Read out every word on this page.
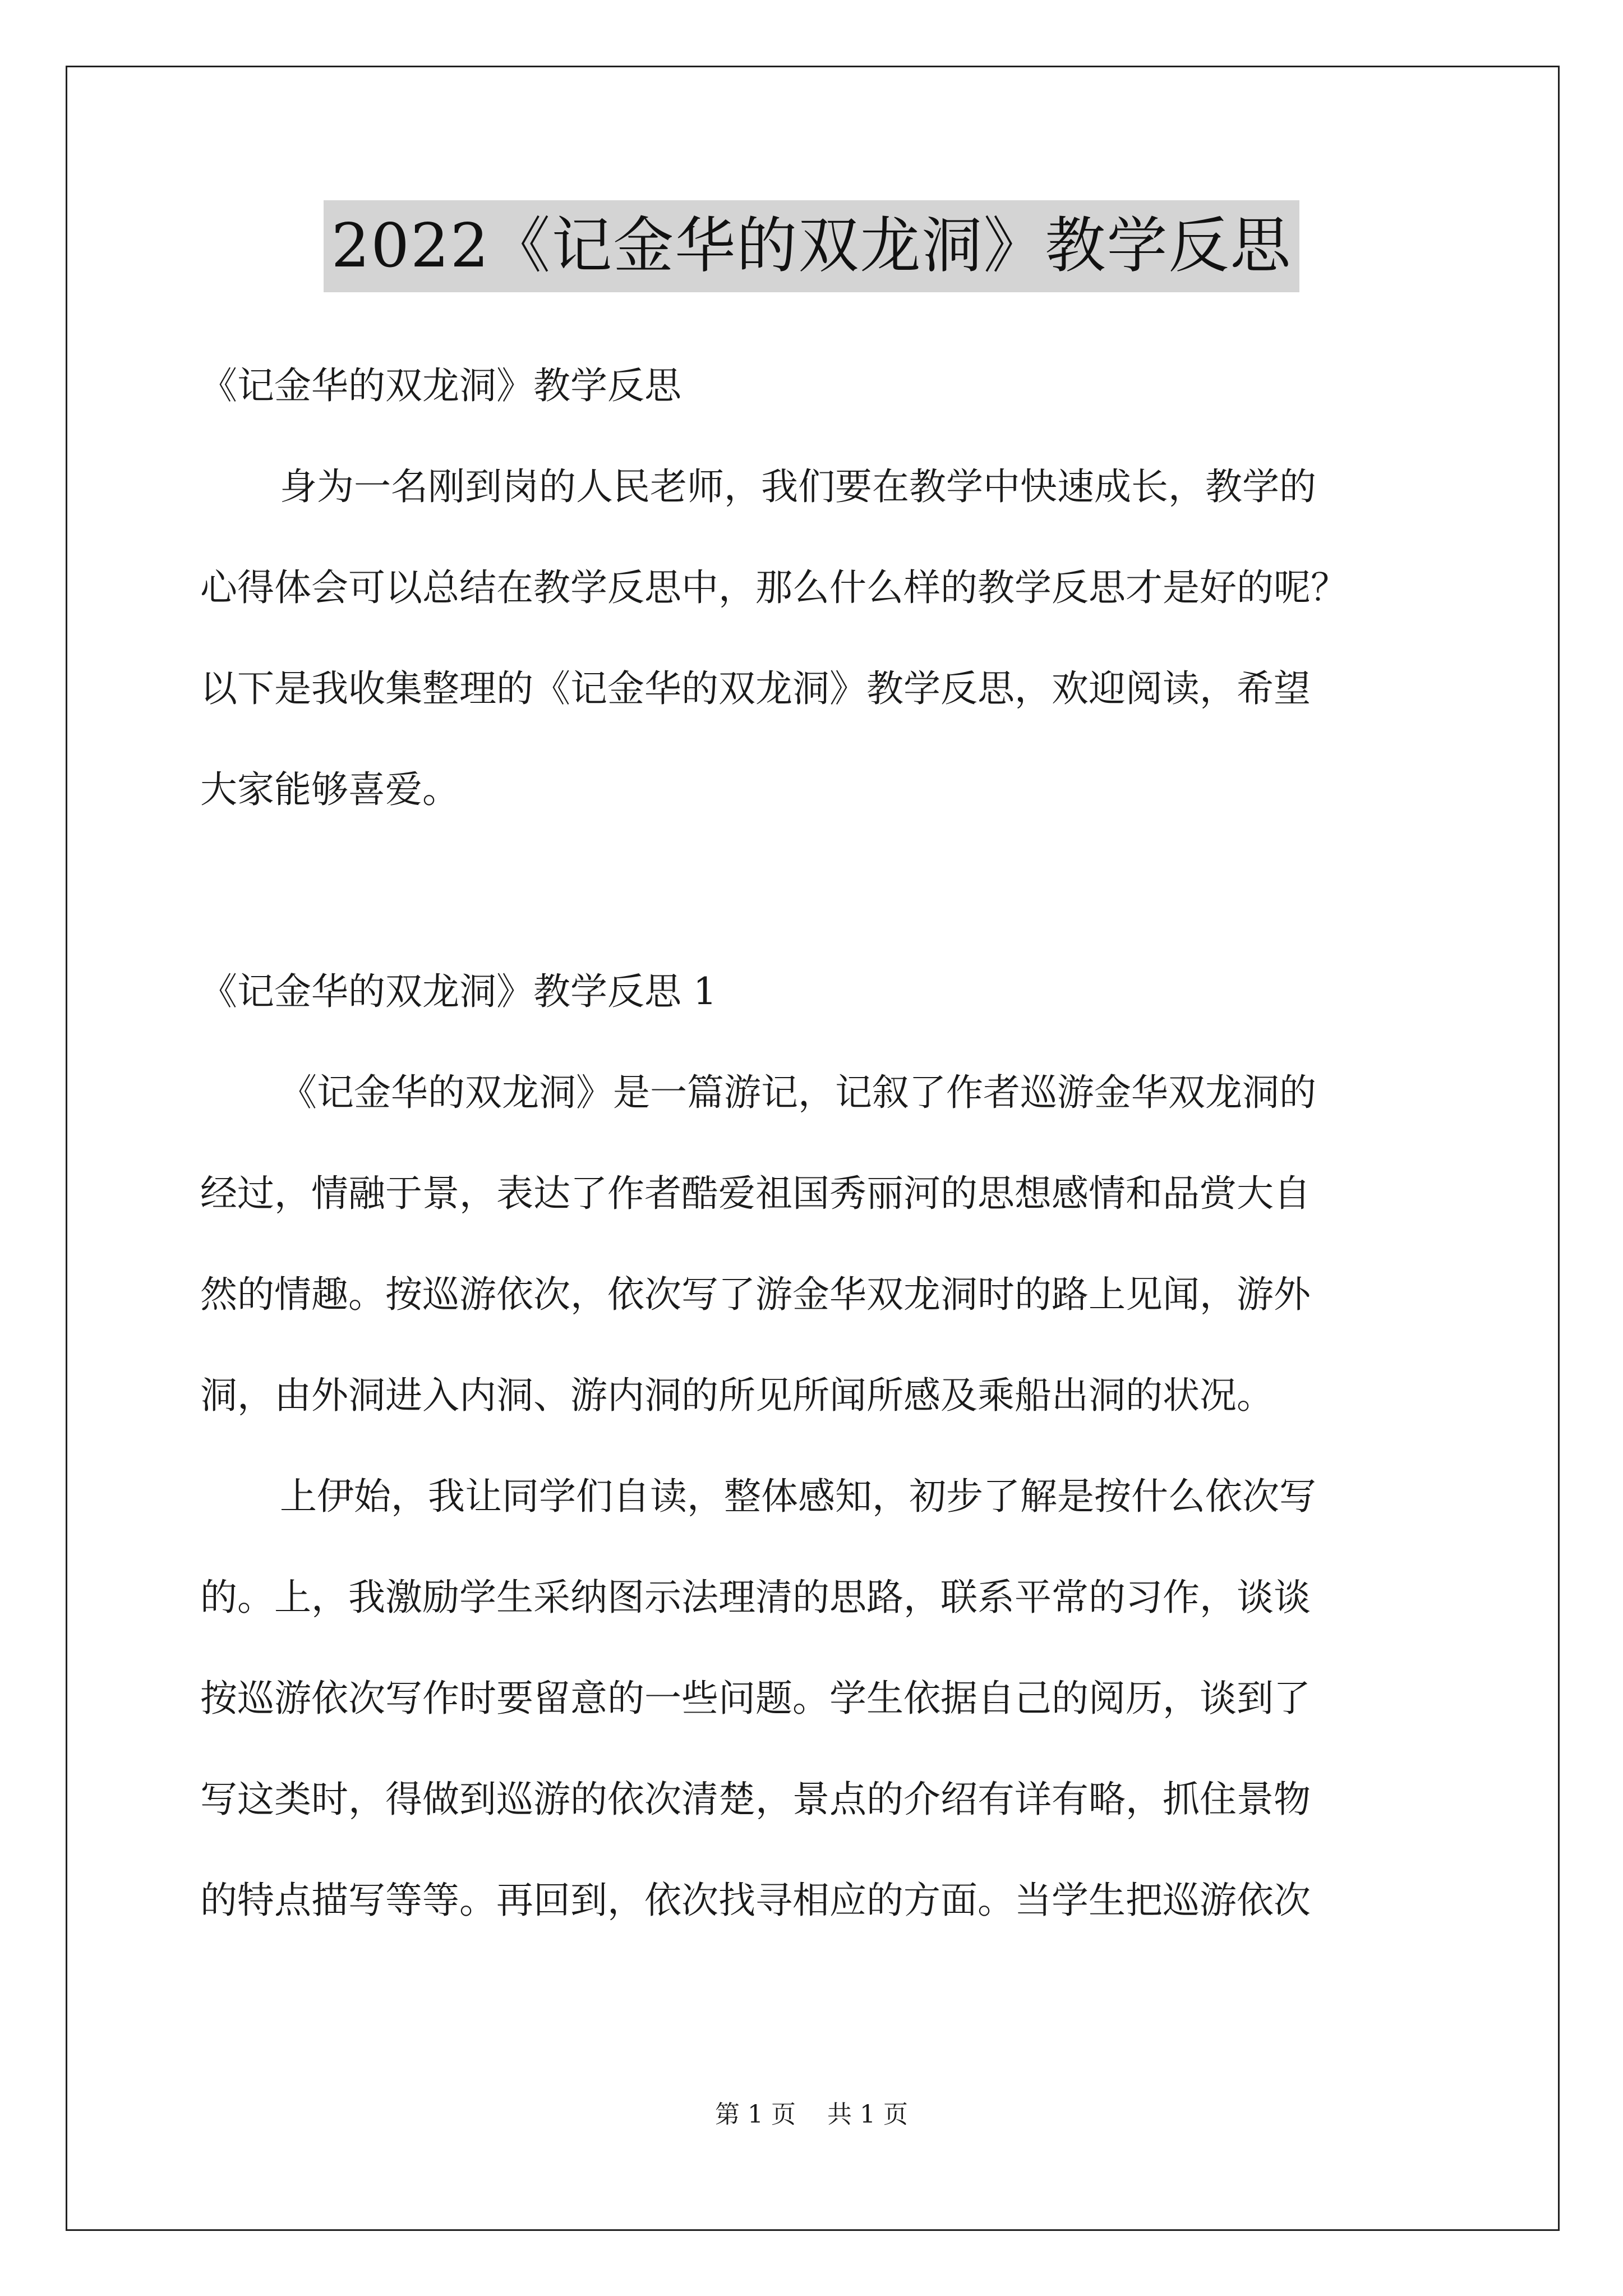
2022《记金华的双龙洞》教学反思
《记金华的双龙洞》教学反思
身为一名刚到岗的人民老师，我们要在教学中快速成长，教学的
心得体会可以总结在教学反思中，那么什么样的教学反思才是好的呢？
以下是我收集整理的《记金华的双龙洞》教学反思，欢迎阅读，希望
大家能够喜爱。
《记金华的双龙洞》教学反思 1
《记金华的双龙洞》是一篇游记，记叙了作者巡游金华双龙洞的
经过，情融于景，表达了作者酷爱祖国秀丽河的思想感情和品赏大自
然的情趣。按巡游依次，依次写了游金华双龙洞时的路上见闻，游外
洞，由外洞进入内洞、游内洞的所见所闻所感及乘船出洞的状况。
上伊始，我让同学们自读，整体感知，初步了解是按什么依次写
的。上，我激励学生采纳图示法理清的思路，联系平常的习作，谈谈
按巡游依次写作时要留意的一些问题。学生依据自己的阅历，谈到了
写这类时，得做到巡游的依次清楚，景点的介绍有详有略，抓住景物
的特点描写等等。再回到，依次找寻相应的方面。当学生把巡游依次
第 1 页 共 1 页
